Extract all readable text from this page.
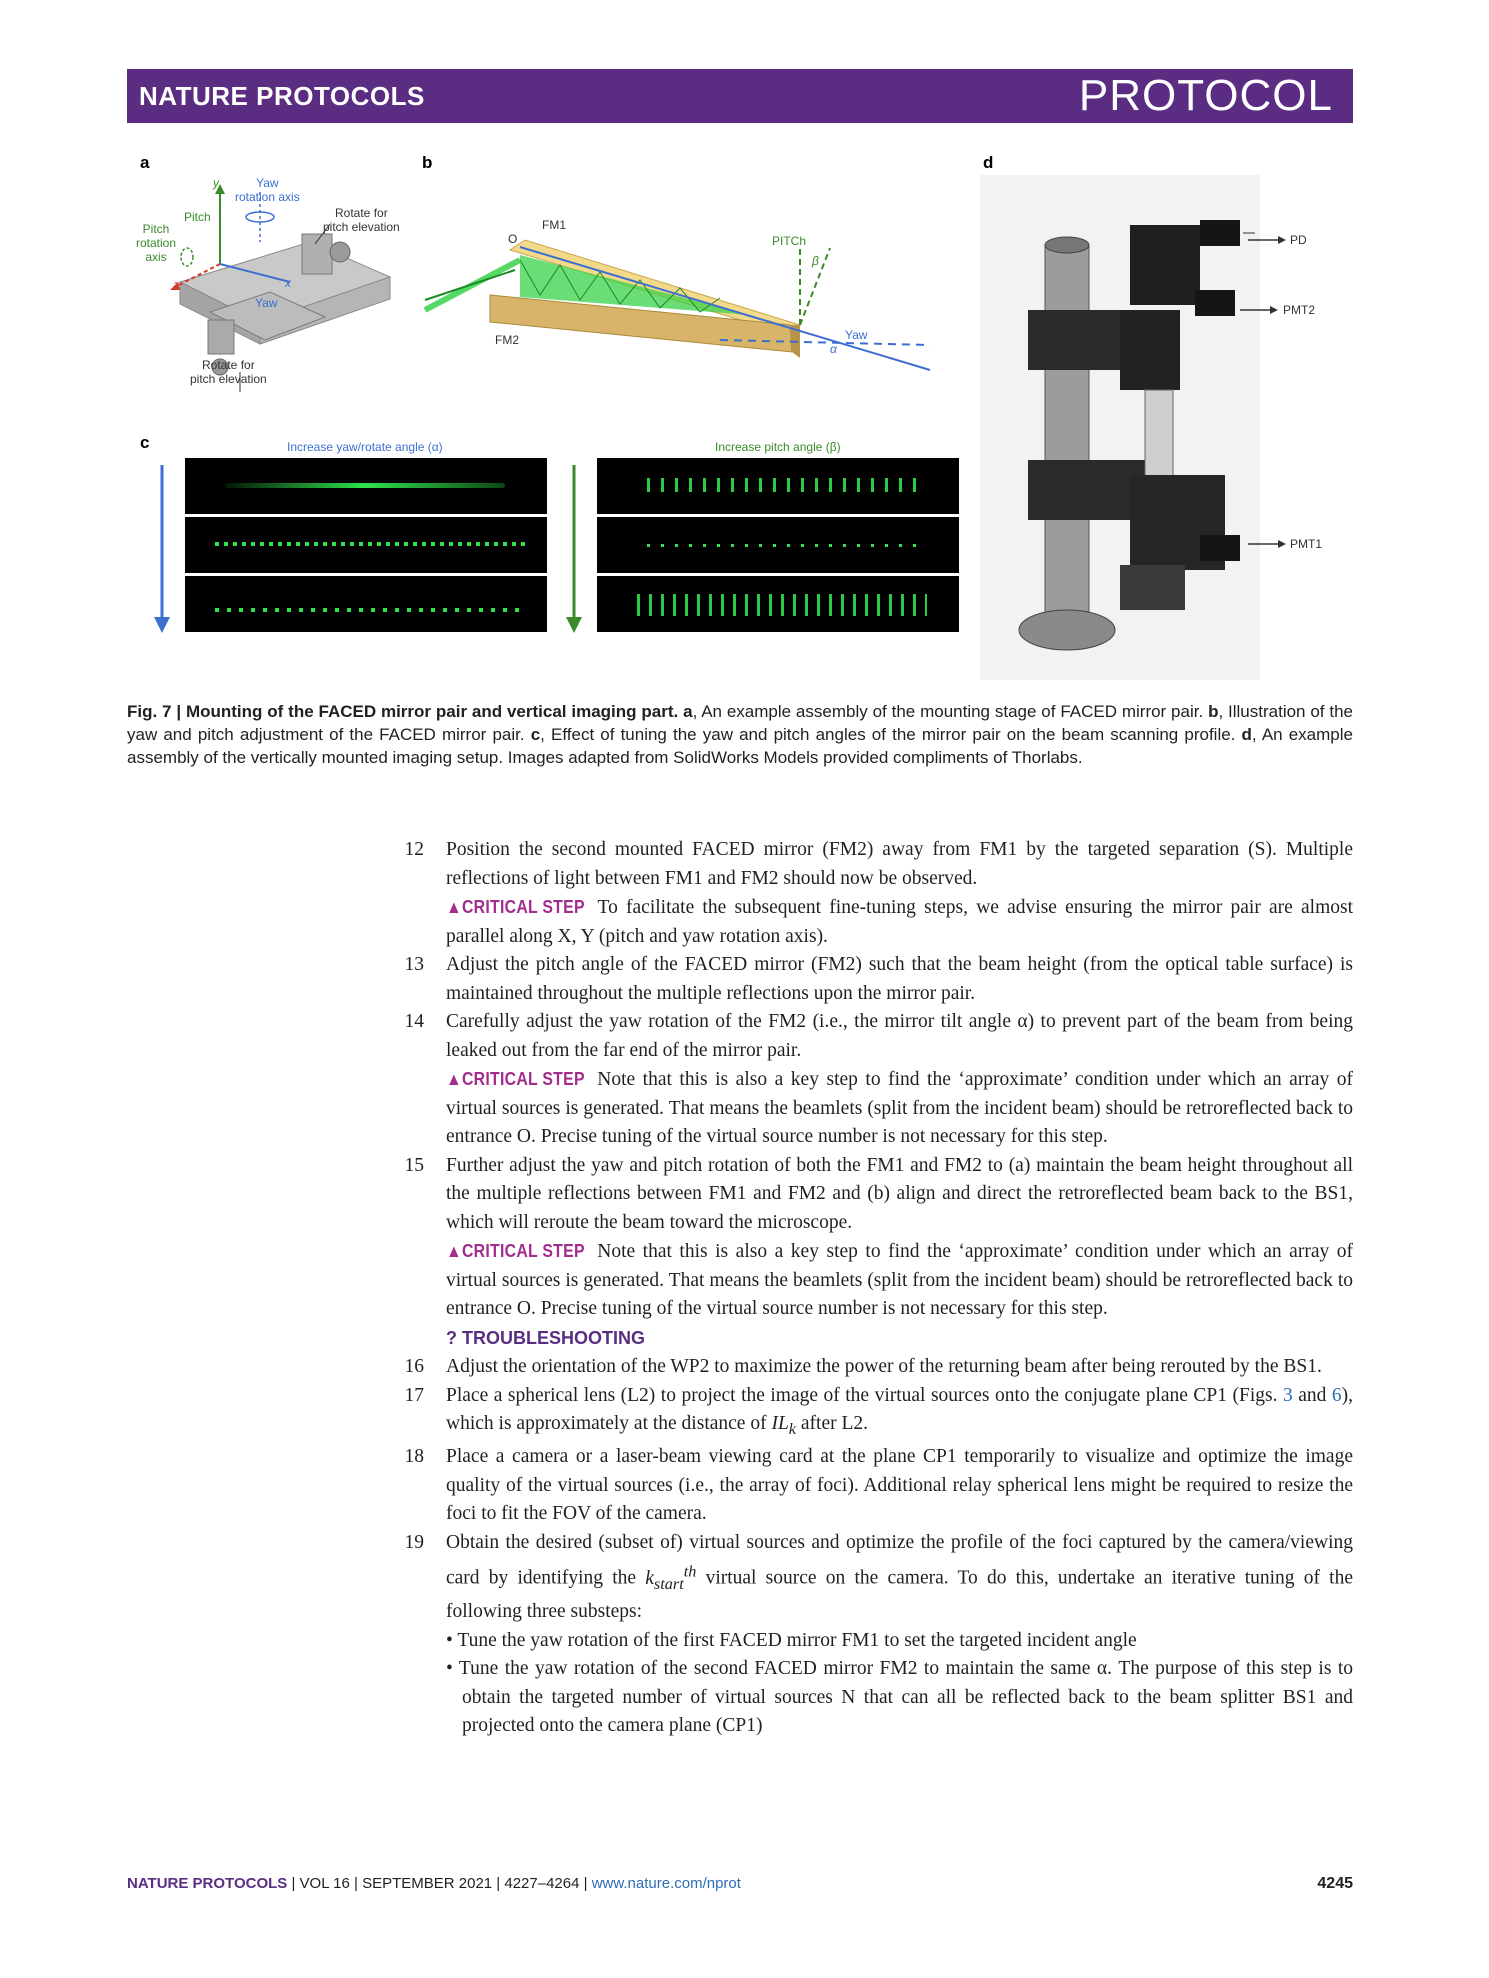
NATURE PROTOCOLS	PROTOCOL
a	b
c
d
y	Yaw
rotation axis
Pitch
Pitch
rotation
axis
Rotate for
pitch elevation
x
z
Yaw
Rotate for
pitch elevation
FM1
O	PITCh
β
FM2	Yaw
α
Increase yaw/rotate angle (α)	Increase pitch angle (β)
PD
PMT2
PMT1
Fig. 7 | Mounting of the FACED mirror pair and vertical imaging part. a, An example assembly of the mounting stage of FACED mirror pair. b, Illustration of the yaw and pitch adjustment of the FACED mirror pair. c, Effect of tuning the yaw and pitch angles of the mirror pair on the beam scanning profile. d, An example assembly of the vertically mounted imaging setup. Images adapted from SolidWorks Models provided compliments of Thorlabs.
12 Position the second mounted FACED mirror (FM2) away from FM1 by the targeted separation (S). Multiple reflections of light between FM1 and FM2 should now be observed.
▲CRITICAL STEP To facilitate the subsequent fine-tuning steps, we advise ensuring the mirror pair are almost parallel along X, Y (pitch and yaw rotation axis).
13 Adjust the pitch angle of the FACED mirror (FM2) such that the beam height (from the optical table surface) is maintained throughout the multiple reflections upon the mirror pair.
14 Carefully adjust the yaw rotation of the FM2 (i.e., the mirror tilt angle α) to prevent part of the beam from being leaked out from the far end of the mirror pair.
▲CRITICAL STEP Note that this is also a key step to find the ‘approximate’ condition under which an array of virtual sources is generated. That means the beamlets (split from the incident beam) should be retroreflected back to entrance O. Precise tuning of the virtual source number is not necessary for this step.
15 Further adjust the yaw and pitch rotation of both the FM1 and FM2 to (a) maintain the beam height throughout all the multiple reflections between FM1 and FM2 and (b) align and direct the retroreflected beam back to the BS1, which will reroute the beam toward the microscope.
▲CRITICAL STEP Note that this is also a key step to find the ‘approximate’ condition under which an array of virtual sources is generated. That means the beamlets (split from the incident beam) should be retroreflected back to entrance O. Precise tuning of the virtual source number is not necessary for this step.
? TROUBLESHOOTING
16 Adjust the orientation of the WP2 to maximize the power of the returning beam after being rerouted by the BS1.
17 Place a spherical lens (L2) to project the image of the virtual sources onto the conjugate plane CP1 (Figs. 3 and 6), which is approximately at the distance of $IL_k$ after L2.
18 Place a camera or a laser-beam viewing card at the plane CP1 temporarily to visualize and optimize the image quality of the virtual sources (i.e., the array of foci). Additional relay spherical lens might be required to resize the foci to fit the FOV of the camera.
19 Obtain the desired (subset of) virtual sources and optimize the profile of the foci captured by the camera/viewing card by identifying the $k_{start}^{th}$ virtual source on the camera. To do this, undertake an iterative tuning of the following three substeps:
• Tune the yaw rotation of the first FACED mirror FM1 to set the targeted incident angle
• Tune the yaw rotation of the second FACED mirror FM2 to maintain the same α. The purpose of this step is to obtain the targeted number of virtual sources N that can all be reflected back to the beam splitter BS1 and projected onto the camera plane (CP1)
NATURE PROTOCOLS | VOL 16 | SEPTEMBER 2021 | 4227–4264 | www.nature.com/nprot	4245
